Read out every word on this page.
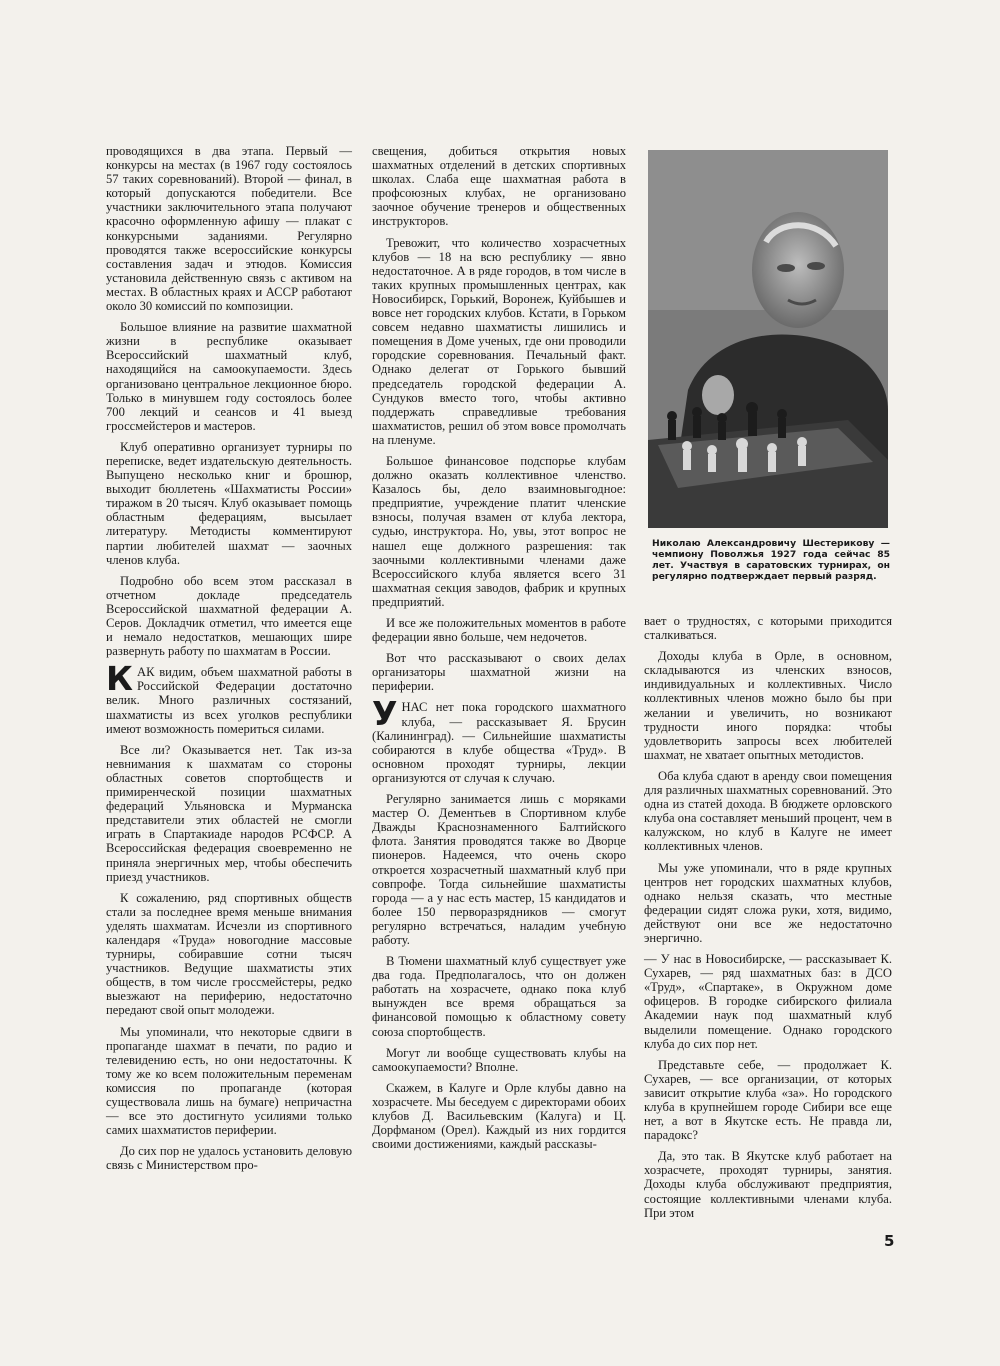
проводящихся в два этапа. Первый — конкурсы на местах (в 1967 году состоялось 57 таких соревнований). Второй — финал, в который допускаются победители. Все участники заключительного этапа получают красочно оформленную афишу — плакат с конкурсными заданиями. Регулярно проводятся также всероссийские конкурсы составления задач и этюдов. Комиссия установила действенную связь с активом на местах. В областных краях и АССР работают около 30 комиссий по композиции.

Большое влияние на развитие шахматной жизни в республике оказывает Всероссийский шахматный клуб, находящийся на самоокупаемости. Здесь организовано центральное лекционное бюро. Только в минувшем году состоялось более 700 лекций и сеансов и 41 выезд гроссмейстеров и мастеров.

Клуб оперативно организует турниры по переписке, ведет издательскую деятельность. Выпущено несколько книг и брошюр, выходит бюллетень «Шахматисты России» тиражом в 20 тысяч. Клуб оказывает помощь областным федерациям, высылает литературу. Методисты комментируют партии любителей шахмат — заочных членов клуба.

Подробно обо всем этом рассказал в отчетном докладе председатель Всероссийской шахматной федерации А. Серов. Докладчик отметил, что имеется еще и немало недостатков, мешающих шире развернуть работу по шахматам в России.

КАК видим, объем шахматной работы в Российской Федерации достаточно велик. Много различных состязаний, шахматисты из всех уголков республики имеют возможность помериться силами.

Все ли? Оказывается нет. Так из-за невнимания к шахматам со стороны областных советов спортобществ и примиренческой позиции шахматных федераций Ульяновска и Мурманска представители этих областей не смогли играть в Спартакиаде народов РСФСР. А Всероссийская федерация своевременно не приняла энергичных мер, чтобы обеспечить приезд участников.

К сожалению, ряд спортивных обществ стали за последнее время меньше внимания уделять шахматам. Исчезли из спортивного календаря «Труда» новогодние массовые турниры, собиравшие сотни тысяч участников. Ведущие шахматисты этих обществ, в том числе гроссмейстеры, редко выезжают на периферию, недостаточно передают свой опыт молодежи.

Мы упоминали, что некоторые сдвиги в пропаганде шахмат в печати, по радио и телевидению есть, но они недостаточны. К тому же ко всем положительным переменам комиссия по пропаганде (которая существовала лишь на бумаге) непричастна — все это достигнуто усилиями только самих шахматистов периферии.

До сих пор не удалось установить деловую связь с Министерством про-

свещения, добиться открытия новых шахматных отделений в детских спортивных школах. Слаба еще шахматная работа в профсоюзных клубах, не организовано заочное обучение тренеров и общественных инструкторов.

Тревожит, что количество хозрасчетных клубов — 18 на всю республику — явно недостаточное. А в ряде городов, в том числе в таких крупных промышленных центрах, как Новосибирск, Горький, Воронеж, Куйбышев и вовсе нет городских клубов. Кстати, в Горьком совсем недавно шахматисты лишились и помещения в Доме ученых, где они проводили городские соревнования. Печальный факт. Однако делегат от Горького бывший председатель городской федерации А. Сундуков вместо того, чтобы активно поддержать справедливые требования шахматистов, решил об этом вовсе промолчать на пленуме.

Большое финансовое подспорье клубам должно оказать коллективное членство. Казалось бы, дело взаимновыгодное: предприятие, учреждение платит членские взносы, получая взамен от клуба лектора, судью, инструктора. Но, увы, этот вопрос не нашел еще должного разрешения: так заочными коллективными членами даже Всероссийского клуба является всего 31 шахматная секция заводов, фабрик и крупных предприятий.

И все же положительных моментов в работе федерации явно больше, чем недочетов.

Вот что рассказывают о своих делах организаторы шахматной жизни на периферии.

УНАС нет пока городского шахматного клуба, — рассказывает Я. Брусин (Калининград). — Сильнейшие шахматисты собираются в клубе общества «Труд». В основном проходят турниры, лекции организуются от случая к случаю.

Регулярно занимается лишь с моряками мастер О. Дементьев в Спортивном клубе Дважды Краснознаменного Балтийского флота. Занятия проводятся также во Дворце пионеров. Надеемся, что очень скоро откроется хозрасчетный шахматный клуб при совпрофе. Тогда сильнейшие шахматисты города — а у нас есть мастер, 15 кандидатов и более 150 перворазрядников — смогут регулярно встречаться, наладим учебную работу.

В Тюмени шахматный клуб существует уже два года. Предполагалось, что он должен работать на хозрасчете, однако пока клуб вынужден все время обращаться за финансовой помощью к областному совету союза спортобществ.

Могут ли вообще существовать клубы на самоокупаемости? Вполне.

Скажем, в Калуге и Орле клубы давно на хозрасчете. Мы беседуем с директорами обоих клубов Д. Васильевским (Калуга) и Ц. Дорфманом (Орел). Каждый из них гордится своими достижениями, каждый рассказы-

Николаю Александровичу Шестерикову — чемпиону Поволжья 1927 года сейчас 85 лет. Участвуя в саратовских турнирах, он регулярно подтверждает первый разряд.

вает о трудностях, с которыми приходится сталкиваться.

Доходы клуба в Орле, в основном, складываются из членских взносов, индивидуальных и коллективных. Число коллективных членов можно было бы при желании и увеличить, но возникают трудности иного порядка: чтобы удовлетворить запросы всех любителей шахмат, не хватает опытных методистов.

Оба клуба сдают в аренду свои помещения для различных шахматных соревнований. Это одна из статей дохода. В бюджете орловского клуба она составляет меньший процент, чем в калужском, но клуб в Калуге не имеет коллективных членов.

Мы уже упоминали, что в ряде крупных центров нет городских шахматных клубов, однако нельзя сказать, что местные федерации сидят сложа руки, хотя, видимо, действуют они все же недостаточно энергично.

— У нас в Новосибирске, — рассказывает К. Сухарев, — ряд шахматных баз: в ДСО «Труд», «Спартаке», в Окружном доме офицеров. В городке сибирского филиала Академии наук под шахматный клуб выделили помещение. Однако городского клуба до сих пор нет.

Представьте себе, — продолжает К. Сухарев, — все организации, от которых зависит открытие клуба «за». Но городского клуба в крупнейшем городе Сибири все еще нет, а вот в Якутске есть. Не правда ли, парадокс?

Да, это так. В Якутске клуб работает на хозрасчете, проходят турниры, занятия. Доходы клуба обслуживают предприятия, состоящие коллективными членами клуба. При этом

5
